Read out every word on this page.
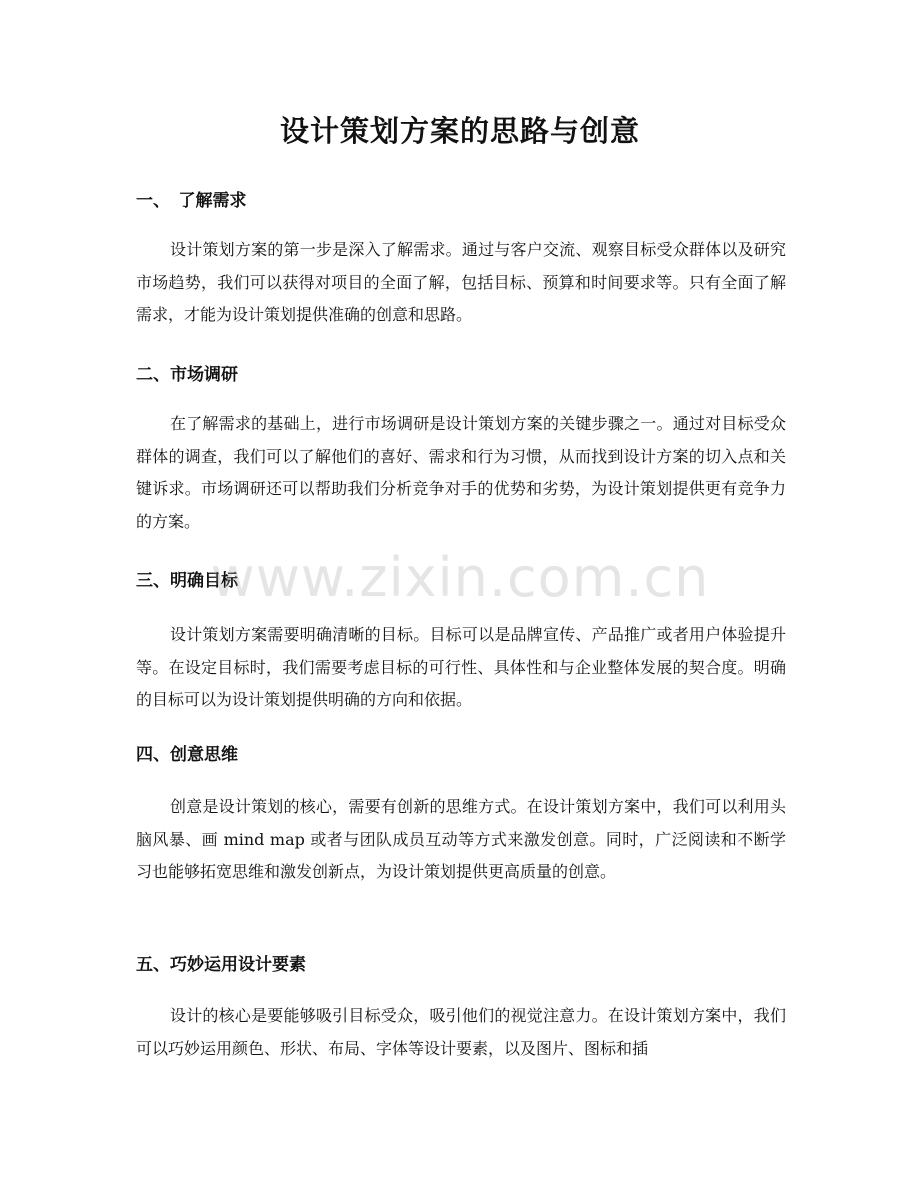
设计策划方案的思路与创意
一、　了解需求

设计策划方案的第一步是深入了解需求。通过与客户交流、观察目标受众群体以及研究市场趋势，我们可以获得对项目的全面了解，包括目标、预算和时间要求等。只有全面了解需求，才能为设计策划提供准确的创意和思路。

二、市场调研

在了解需求的基础上，进行市场调研是设计策划方案的关键步骤之一。通过对目标受众群体的调查，我们可以了解他们的喜好、需求和行为习惯，从而找到设计方案的切入点和关键诉求。市场调研还可以帮助我们分析竞争对手的优势和劣势，为设计策划提供更有竞争力的方案。

三、明确目标

设计策划方案需要明确清晰的目标。目标可以是品牌宣传、产品推广或者用户体验提升等。在设定目标时，我们需要考虑目标的可行性、具体性和与企业整体发展的契合度。明确的目标可以为设计策划提供明确的方向和依据。

四、创意思维

创意是设计策划的核心，需要有创新的思维方式。在设计策划方案中，我们可以利用头脑风暴、画 mind map 或者与团队成员互动等方式来激发创意。同时，广泛阅读和不断学习也能够拓宽思维和激发创新点，为设计策划提供更高质量的创意。

五、巧妙运用设计要素

设计的核心是要能够吸引目标受众，吸引他们的视觉注意力。在设计策划方案中，我们可以巧妙运用颜色、形状、布局、字体等设计要素，以及图片、图标和插

www.zixin.com.cn
